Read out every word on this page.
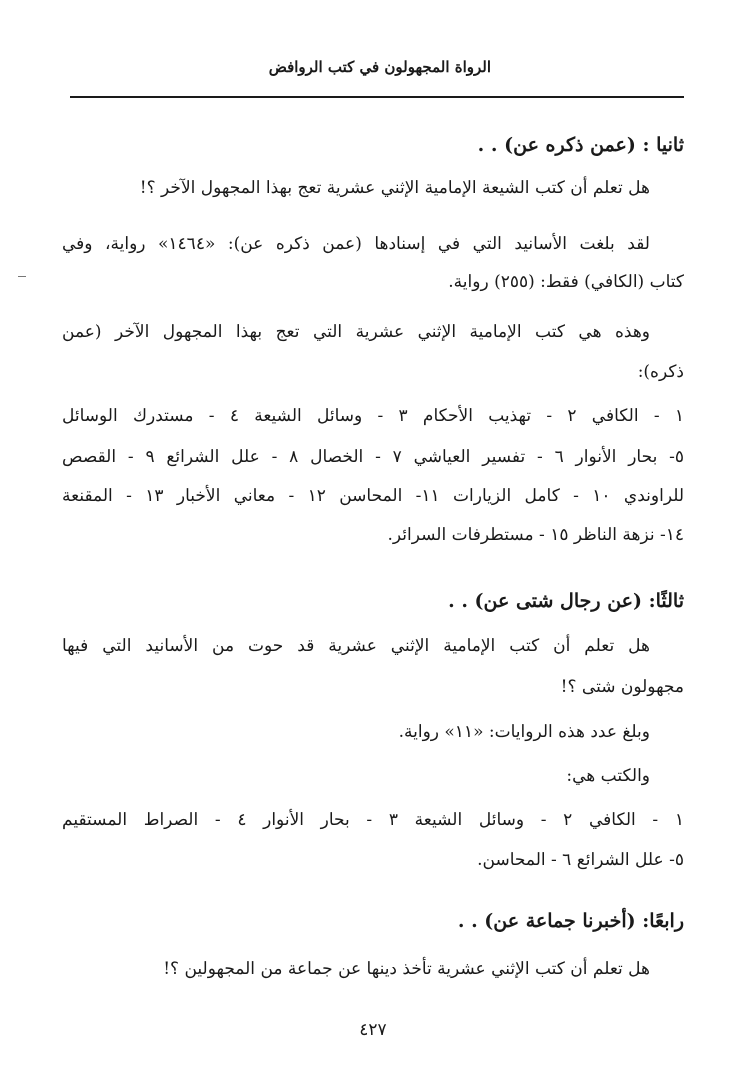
الرواة المجهولون في كتب الروافض
ثانيا : (عمن ذكره عن) . .
هل تعلم أن كتب الشيعة الإمامية الإثني عشرية تعج بهذا المجهول الآخر ؟!
لقد بلغت الأسانيد التي في إسنادها (عمن ذكره عن): «١٤٦٤» رواية، وفي
كتاب (الكافي) فقط: (٢٥٥) رواية.
وهذه هي كتب الإمامية الإثني عشرية التي تعج بهذا المجهول الآخر (عمن
ذكره):
١ - الكافي ٢ - تهذيب الأحكام ٣ - وسائل الشيعة ٤ - مستدرك الوسائل
٥- بحار الأنوار ٦ - تفسير العياشي ٧ - الخصال ٨ - علل الشرائع ٩ - القصص
للراوندي ١٠ - كامل الزيارات ١١- المحاسن ١٢ - معاني الأخبار ١٣ - المقنعة
١٤- نزهة الناظر ١٥ - مستطرفات السرائر.
ثالثًا: (عن رجال شتى عن) . .
هل تعلم أن كتب الإمامية الإثني عشرية قد حوت من الأسانيد التي فيها
مجهولون شتى ؟!
وبلغ عدد هذه الروايات: «١١» رواية.
والكتب هي:
١ - الكافي ٢ - وسائل الشيعة ٣ - بحار الأنوار ٤ - الصراط المستقيم
٥- علل الشرائع ٦ - المحاسن.
رابعًا: (أخبرنا جماعة عن) . .
هل تعلم أن كتب الإثني عشرية تأخذ دينها عن جماعة من المجهولين ؟!
٤٢٧
